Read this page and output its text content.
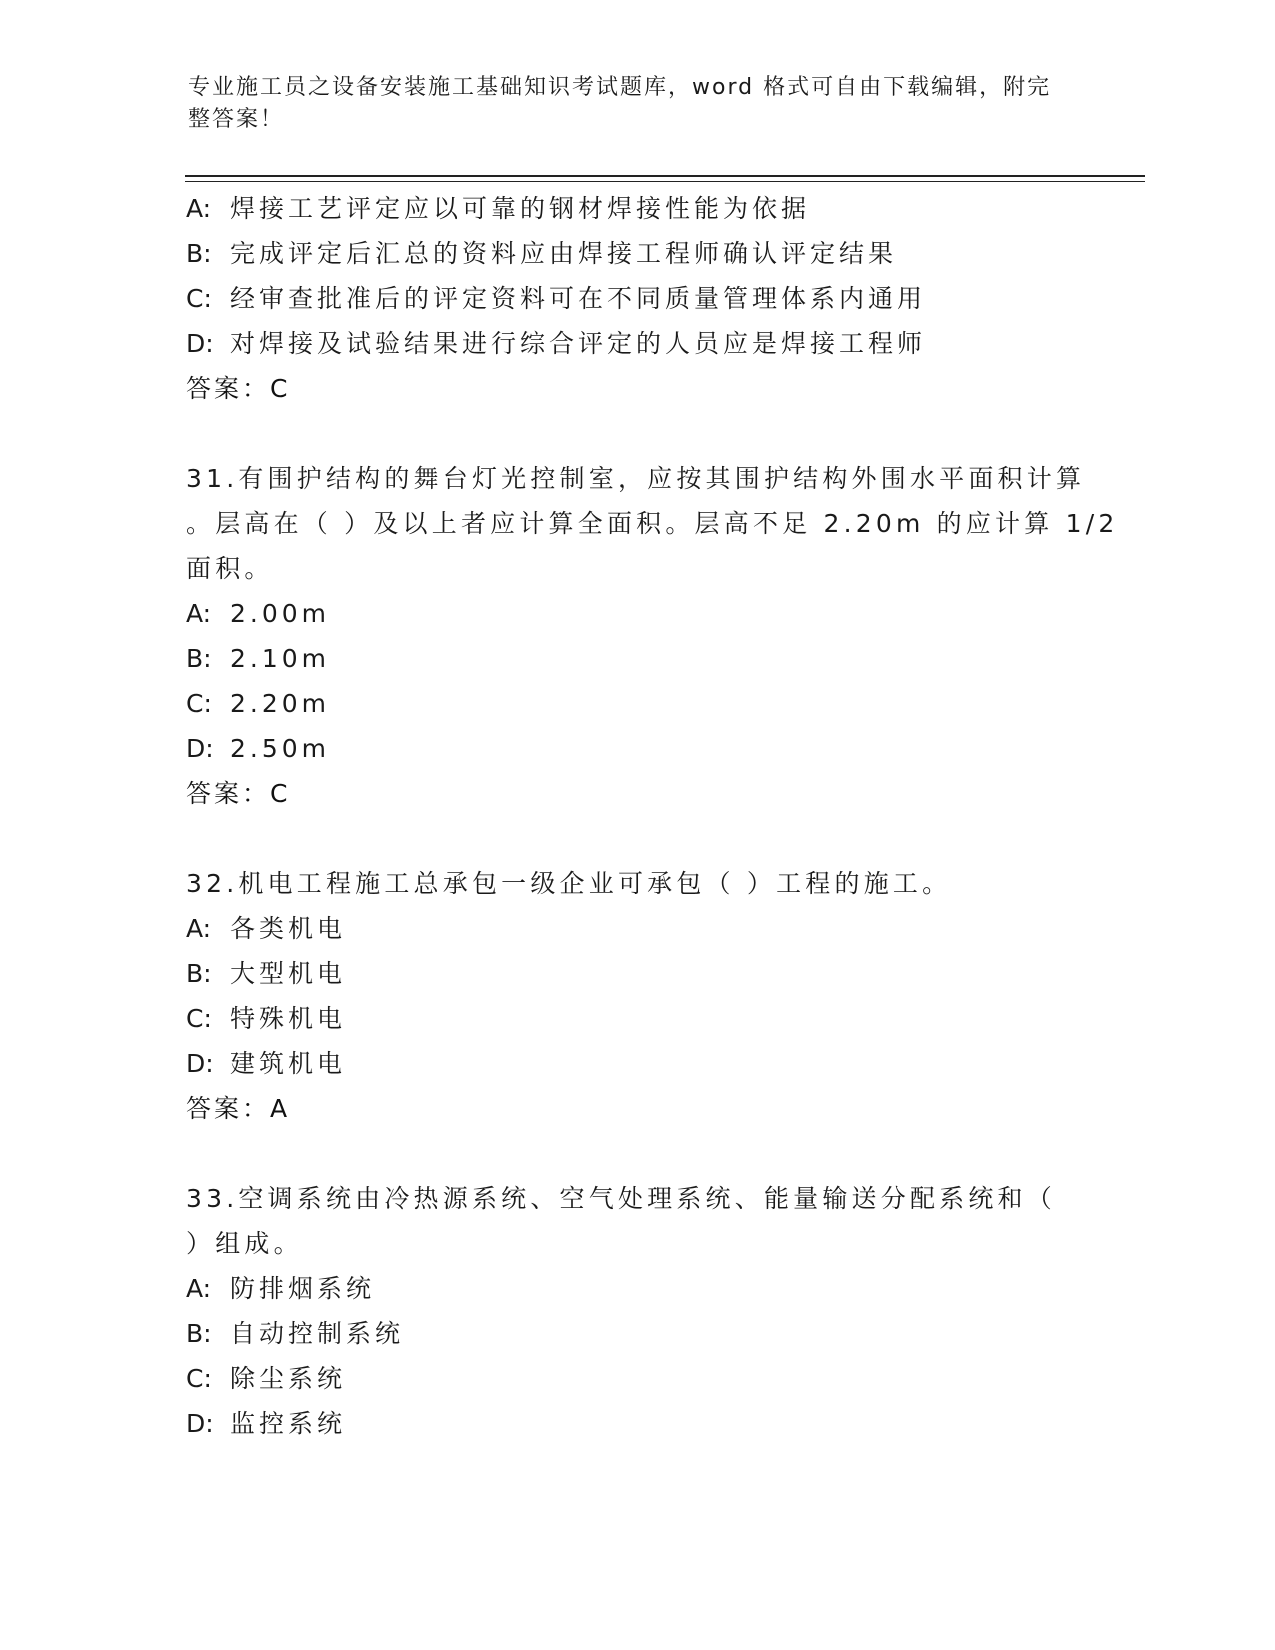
专业施工员之设备安装施工基础知识考试题库，word 格式可自由下载编辑，附完
整答案！
A: 焊接工艺评定应以可靠的钢材焊接性能为依据
B: 完成评定后汇总的资料应由焊接工程师确认评定结果
C: 经审查批准后的评定资料可在不同质量管理体系内通用
D: 对焊接及试验结果进行综合评定的人员应是焊接工程师
答案：C
31.有围护结构的舞台灯光控制室，应按其围护结构外围水平面积计算
。层高在（ ）及以上者应计算全面积。层高不足 2.20m 的应计算 1/2
面积。
A: 2.00m
B: 2.10m
C: 2.20m
D: 2.50m
答案：C
32.机电工程施工总承包一级企业可承包（ ）工程的施工。
A: 各类机电
B: 大型机电
C: 特殊机电
D: 建筑机电
答案：A
33.空调系统由冷热源系统、空气处理系统、能量输送分配系统和（
）组成。
A: 防排烟系统
B: 自动控制系统
C: 除尘系统
D: 监控系统
